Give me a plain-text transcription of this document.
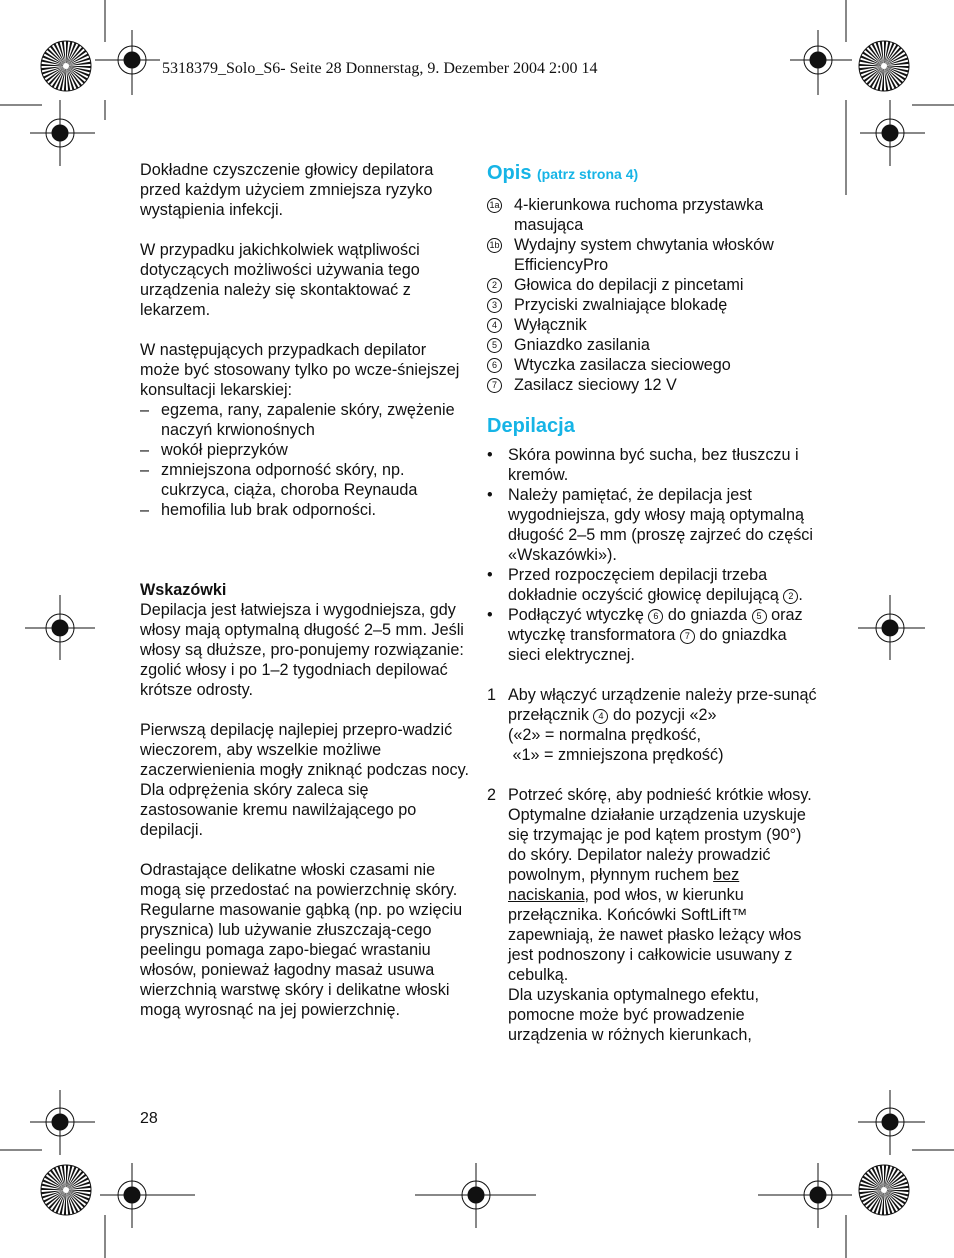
5318379_Solo_S6- Seite 28 Donnerstag, 9. Dezember 2004 2:00 14

Dokładne czyszczenie głowicy depilatora przed każdym użyciem zmniejsza ryzyko wystąpienia infekcji.

W przypadku jakichkolwiek wątpliwości dotyczących możliwości używania tego urządzenia należy się skontaktować z lekarzem.

W następujących przypadkach depilator może być stosowany tylko po wcze-śniejszej konsultacji lekarskiej:

– egzema, rany, zapalenie skóry, zwężenie naczyń krwionośnych
– wokół pieprzyków
– zmniejszona odporność skóry, np. cukrzyca, ciąża, choroba Reynauda
– hemofilia lub brak odporności.

Wskazówki

Depilacja jest łatwiejsza i wygodniejsza, gdy włosy mają optymalną długość 2–5 mm. Jeśli włosy są dłuższe, pro-ponujemy rozwiązanie: zgolić włosy i po 1–2 tygodniach depilować krótsze odrosty.

Pierwszą depilację najlepiej przepro-wadzić wieczorem, aby wszelkie możliwe zaczerwienienia mogły zniknąć podczas nocy. Dla odprężenia skóry zaleca się zastosowanie kremu nawilżającego po depilacji.

Odrastające delikatne włoski czasami nie mogą się przedostać na powierzchnię skóry. Regularne masowanie gąbką (np. po wzięciu prysznica) lub używanie złuszczają-cego peelingu pomaga zapo-biegać wrastaniu włosów, ponieważ łagodny masaż usuwa wierzchnią warstwę skóry i delikatne włoski mogą wyrosnąć na jej powierzchnię.

Opis (patrz strona 4)

1a 4-kierunkowa ruchoma przystawka masująca
1b Wydajny system chwytania włosków EfficiencyPro
2	Głowica do depilacji z pincetami
3	Przyciski zwalniające blokadę
4	Wyłącznik
5	Gniazdko zasilania
6	Wtyczka zasilacza sieciowego
7	Zasilacz sieciowy 12 V

Depilacja

• Skóra powinna być sucha, bez tłuszczu i kremów.
• Należy pamiętać, że depilacja jest wygodniejsza, gdy włosy mają optymalną długość 2–5 mm (proszę zajrzeć do części «Wskazówki»).
• Przed rozpoczęciem depilacji trzeba dokładnie oczyścić głowicę depilującą 2 .
• Podłączyć wtyczkę 6 do gniazda 5 oraz wtyczkę transformatora 7 do gniazdka sieci elektrycznej.
1 Aby włączyć urządzenie należy prze-sunąć przełącznik 4 do pozycji «2»
(«2» = normalna prędkość,
«1» = zmniejszona prędkość)
2 Potrzeć skórę, aby podnieść krótkie włosy. Optymalne działanie urządzenia uzyskuje się trzymając je pod kątem prostym (90°) do skóry. Depilator należy prowadzić powolnym, płynnym ruchem bez naciskania, pod włos, w kierunku przełącznika. Końcówki SoftLift™ zapewniają, że nawet płasko leżący włos jest podnoszony i całkowicie usuwany z cebulką.
Dla uzyskania optymalnego efektu, pomocne może być prowadzenie urządzenia w różnych kierunkach,
28
